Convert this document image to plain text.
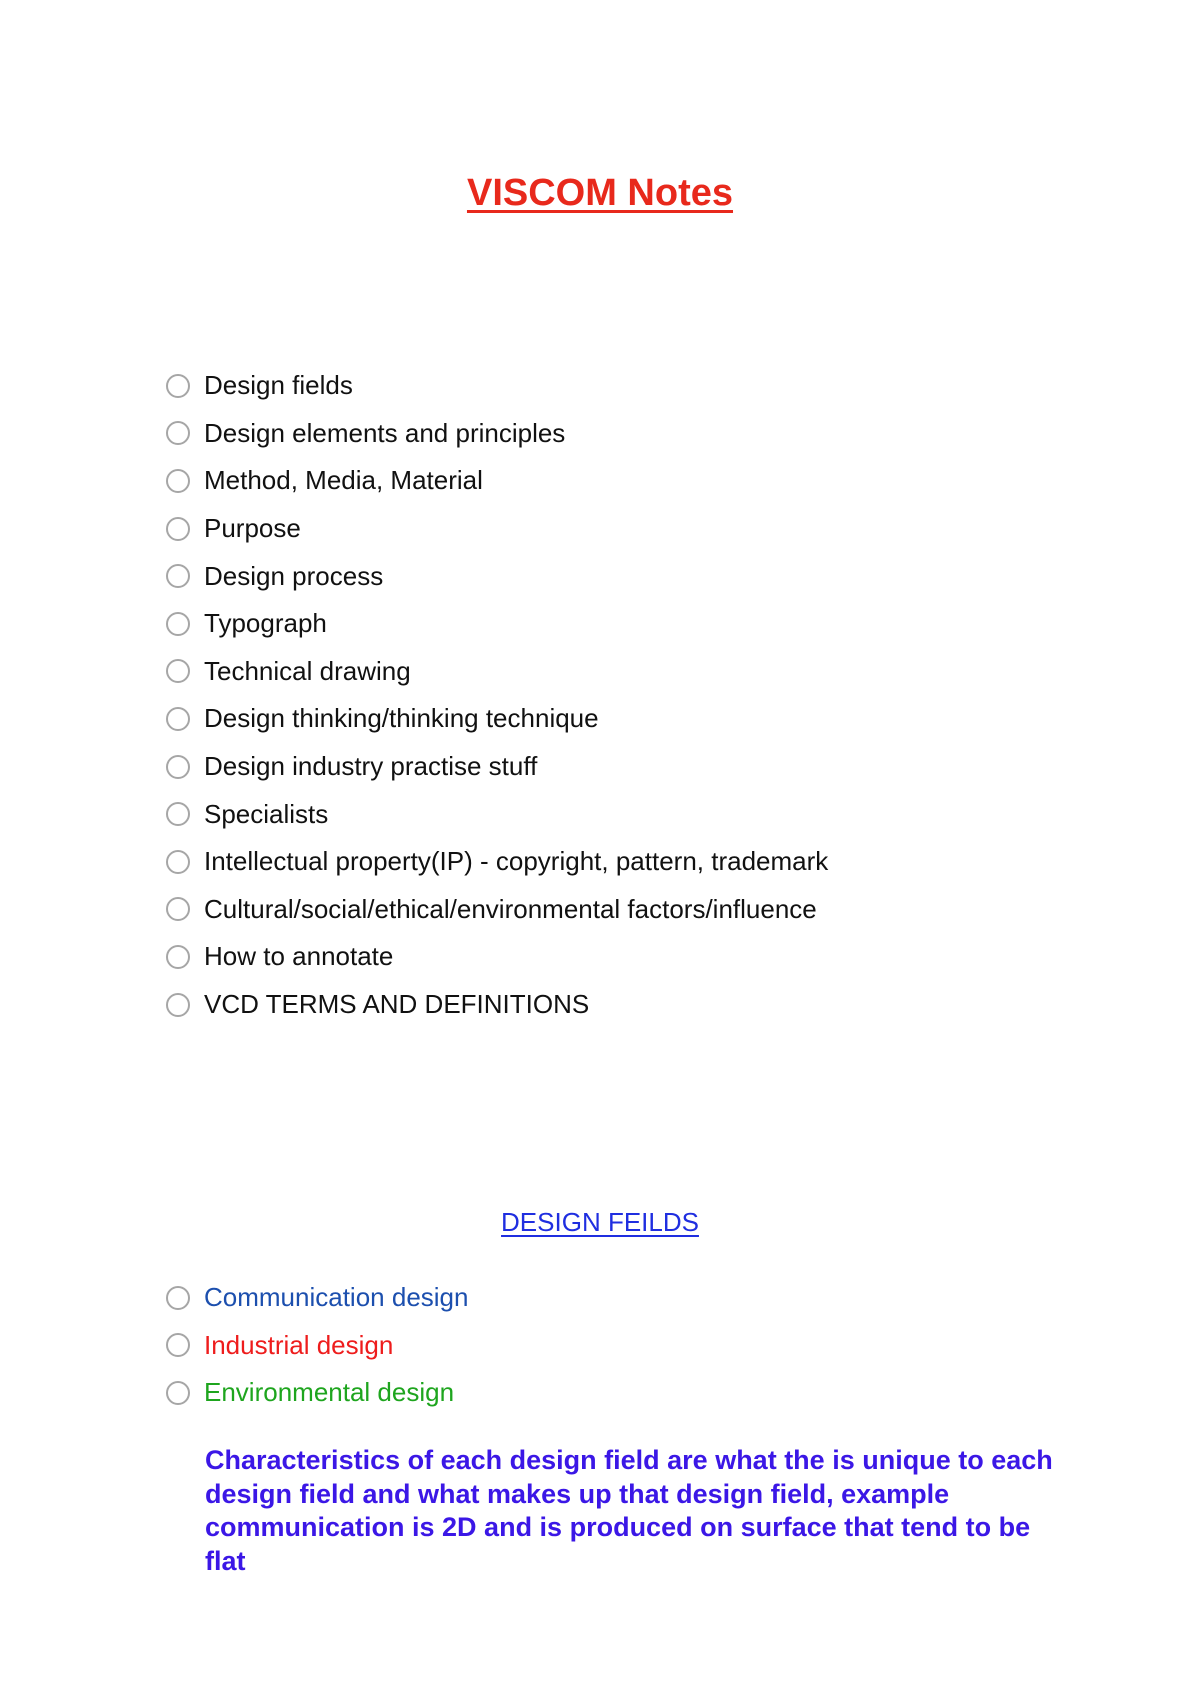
VISCOM Notes
Design fields
Design elements and principles
Method, Media, Material
Purpose
Design process
Typograph
Technical drawing
Design thinking/thinking technique
Design industry practise stuff
Specialists
Intellectual property(IP) - copyright, pattern, trademark
Cultural/social/ethical/environmental factors/influence
How to annotate
VCD TERMS AND DEFINITIONS
DESIGN FEILDS
Communication design
Industrial design
Environmental design

Characteristics of each design field are what the is unique to each design field and what makes up that design field, example communication is 2D and is produced on surface that tend to be flat
